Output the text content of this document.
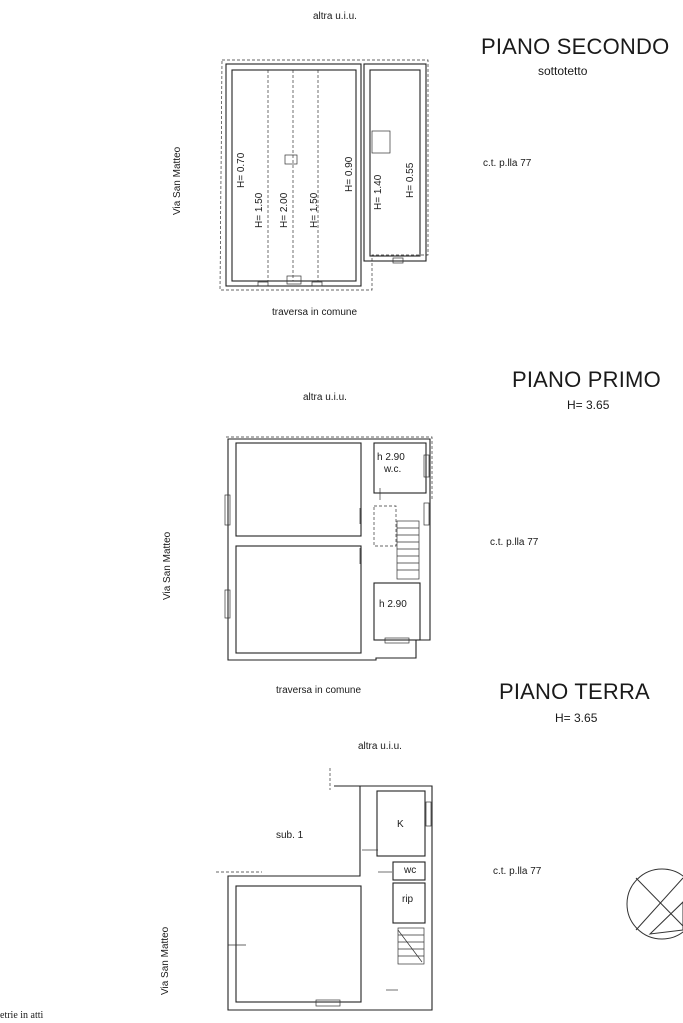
altra u.i.u.
PIANO SECONDO
sottotetto
Via San Matteo	c.t. p.lla 77
traversa in comune
H= 0.70
H= 1.50 H= 2.00 H= 1.50
H= 0.90
H= 1.40 H= 0.55
PIANO PRIMO
H= 3.65
altra u.i.u.
Via San Matteo	c.t. p.lla 77
traversa in comune
h 2.90
w.c.
h 2.90
PIANO TERRA
H= 3.65
altra u.i.u.
sub. 1
Via San Matteo
c.t. p.lla 77
K
wc
rip
etrie in atti
